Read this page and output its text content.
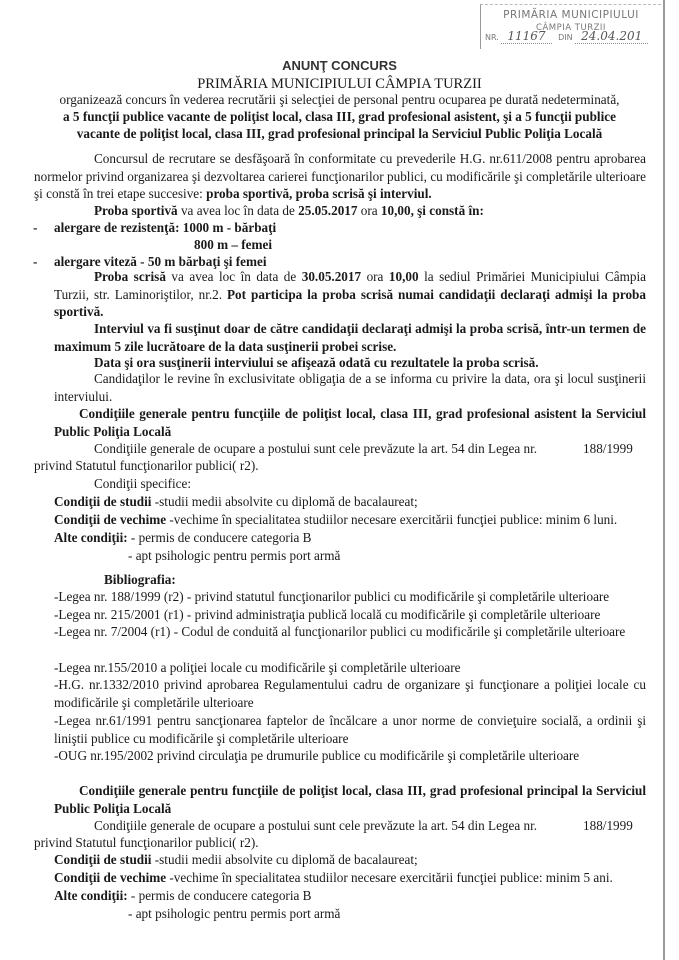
PRIMĂRIA MUNICIPIULUI
CÂMPIA TURZII
NR. 11167 DIN 24.04.201
ANUNŢ CONCURS
PRIMĂRIA MUNICIPIULUI CÂMPIA TURZII
organizează concurs în vederea recrutării şi selecţiei de personal pentru ocuparea pe durată nedeterminată,
a 5 funcţii publice vacante de poliţist local, clasa III, grad profesional asistent, şi a 5 funcţii publice
vacante de poliţist local, clasa III, grad profesional principal la Serviciul Public Poliţia Locală
Concursul de recrutare se desfăşoară în conformitate cu prevederile H.G. nr.611/2008 pentru aprobarea normelor privind organizarea şi dezvoltarea carierei funcţionarilor publici, cu modificările şi completările ulterioare şi constă în trei etape succesive: proba sportivă, proba scrisă şi interviul.
Proba sportivă va avea loc în data de 25.05.2017 ora 10,00, şi constă în:
- alergare de rezistenţă: 1000 m - bărbaţi
800 m – femei
- alergare viteză - 50 m bărbaţi şi femei
Proba scrisă va avea loc în data de 30.05.2017 ora 10,00 la sediul Primăriei Municipiului Câmpia Turzii, str. Laminoriştilor, nr.2. Pot participa la proba scrisă numai candidaţii declaraţi admişi la proba sportivă.
Interviul va fi susţinut doar de către candidaţii declaraţi admişi la proba scrisă, într-un termen de maximum 5 zile lucrătoare de la data susţinerii probei scrise.
Data şi ora susţinerii interviului se afişează odată cu rezultatele la proba scrisă.
Candidaţilor le revine în exclusivitate obligaţia de a se informa cu privire la data, ora şi locul susţinerii interviului.
Condiţiile generale pentru funcţiile de poliţist local, clasa III, grad profesional asistent la Serviciul Public Poliţia Locală
Condiţiile generale de ocupare a postului sunt cele prevăzute la art. 54 din Legea nr.	188/1999
privind Statutul funcţionarilor publici( r2).
Condiţii specifice:
Condiţii de studii -studii medii absolvite cu diplomă de bacalaureat;
Condiţii de vechime -vechime în specialitatea studiilor necesare exercitării funcţiei publice: minim 6 luni.
Alte condiţii: - permis de conducere categoria B
- apt psihologic pentru permis port armă
Bibliografia:
-Legea nr. 188/1999 (r2) - privind statutul funcţionarilor publici cu modificările şi completările ulterioare
-Legea nr. 215/2001 (r1) - privind administraţia publică locală cu modificările şi completările ulterioare
-Legea nr. 7/2004 (r1) - Codul de conduită al funcţionarilor publici cu modificările şi completările ulterioare
-Legea nr.155/2010 a poliţiei locale cu modificările şi completările ulterioare
-H.G. nr.1332/2010 privind aprobarea Regulamentului cadru de organizare şi funcţionare a poliţiei locale cu modificările şi completările ulterioare
-Legea nr.61/1991 pentru sancţionarea faptelor de încălcare a unor norme de convieţuire socială, a ordinii şi liniştii publice cu modificările şi completările ulterioare
-OUG nr.195/2002 privind circulaţia pe drumurile publice cu modificările şi completările ulterioare
Condiţiile generale pentru funcţiile de poliţist local, clasa III, grad profesional principal la Serviciul Public Poliţia Locală
Condiţiile generale de ocupare a postului sunt cele prevăzute la art. 54 din Legea nr.	188/1999
privind Statutul funcţionarilor publici( r2).
Condiţii de studii -studii medii absolvite cu diplomă de bacalaureat;
Condiţii de vechime -vechime în specialitatea studiilor necesare exercitării funcţiei publice: minim 5 ani.
Alte condiţii: - permis de conducere categoria B
- apt psihologic pentru permis port armă
